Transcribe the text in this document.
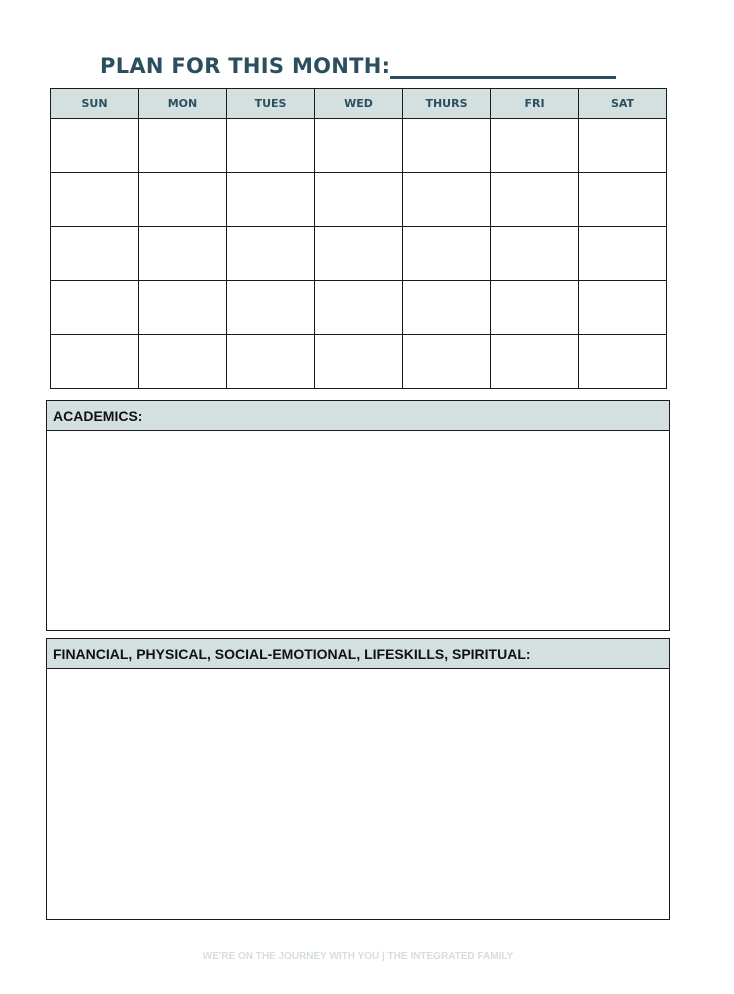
PLAN FOR THIS MONTH:
SUN	MON	TUES	WED	THURS	FRI	SAT

ACADEMICS:
FINANCIAL, PHYSICAL, SOCIAL-EMOTIONAL, LIFESKILLS, SPIRITUAL:
WE'RE ON THE JOURNEY WITH YOU | THE INTEGRATED FAMILY
